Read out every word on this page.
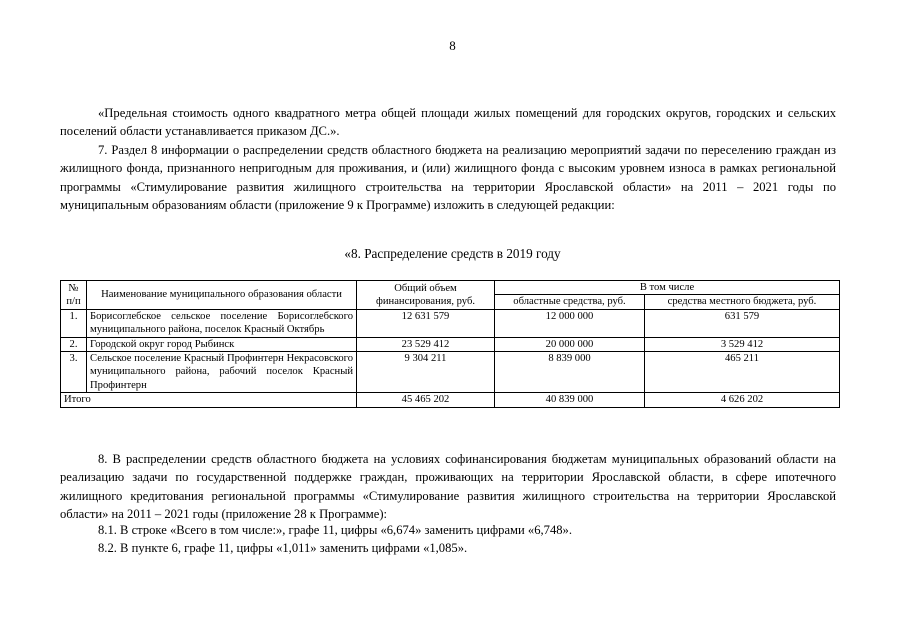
8

«Предельная стоимость одного квадратного метра общей площади жилых помещений для городских округов, городских и сельских поселений области устанавливается приказом ДС.».

7. Раздел 8 информации о распределении средств областного бюджета на реализацию мероприятий задачи по переселению граждан из жилищного фонда, признанного непригодным для проживания, и (или) жилищного фонда с высоким уровнем износа в рамках региональной программы «Стимулирование развития жилищного строительства на территории Ярославской области» на 2011 – 2021 годы по муниципальным образованиям области (приложение 9 к Программе) изложить в следующей редакции:

«8. Распределение средств в 2019 году
№ п/п	Наименование муниципального образования области	Общий объем финансирования, руб.	В том числе	
			областные средства, руб.	средства местного бюджета, руб.
1.	Борисоглебское сельское поселение Борисоглебского муниципального района, поселок Красный Октябрь	12 631 579	12 000 000	631 579
2.	Городской округ город Рыбинск	23 529 412	20 000 000	3 529 412
3.	Сельское поселение Красный Профинтерн Некрасовского муниципального района, рабочий поселок Красный Профинтерн	9 304 211	8 839 000	465 211
Итого		45 465 202	40 839 000	4 626 202

8. В распределении средств областного бюджета на условиях софинансирования бюджетам муниципальных образований области на реализацию задачи по государственной поддержке граждан, проживающих на территории Ярославской области, в сфере ипотечного жилищного кредитования региональной программы «Стимулирование развития жилищного строительства на территории Ярославской области» на 2011 – 2021 годы (приложение 28 к Программе):

8.1. В строке «Всего в том числе:», графе 11, цифры «6,674» заменить цифрами «6,748».

8.2. В пункте 6, графе 11, цифры «1,011» заменить цифрами «1,085».
